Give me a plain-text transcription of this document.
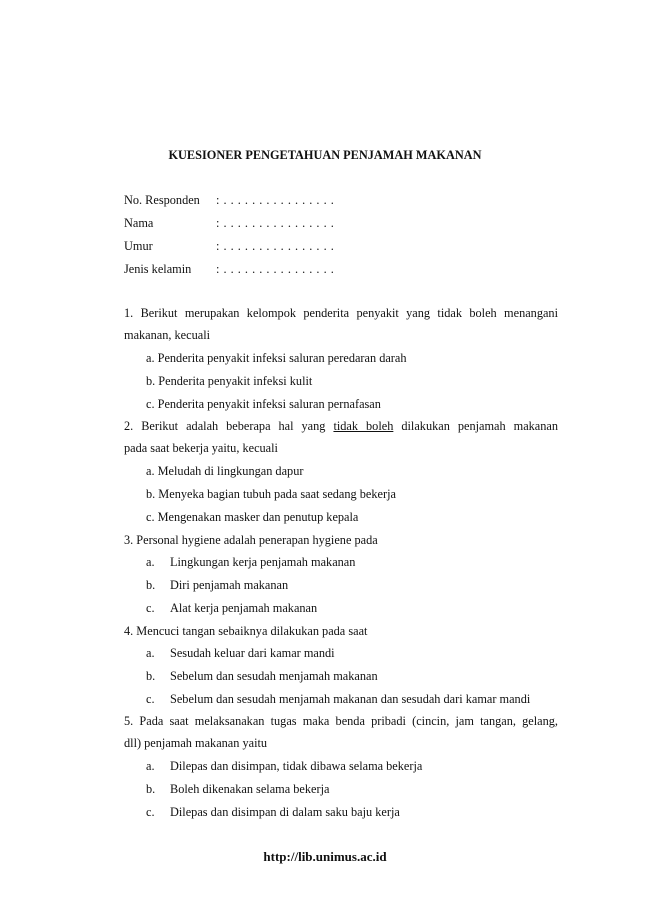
KUESIONER PENGETAHUAN PENJAMAH MAKANAN
No. Responden : . . . . . . . . . . . . . . . .
Nama	: . . . . . . . . . . . . . . . .
Umur	: . . . . . . . . . . . . . . . .
Jenis kelamin : . . . . . . . . . . . . . . . .
1. Berikut merupakan kelompok penderita penyakit yang tidak boleh menangani
makanan, kecuali
a. Penderita penyakit infeksi saluran peredaran darah
b. Penderita penyakit infeksi kulit
c. Penderita penyakit infeksi saluran pernafasan
2. Berikut adalah beberapa hal yang tidak boleh dilakukan penjamah makanan
pada saat bekerja yaitu, kecuali
a. Meludah di lingkungan dapur
b. Menyeka bagian tubuh pada saat sedang bekerja
c. Mengenakan masker dan penutup kepala
3. Personal hygiene adalah penerapan hygiene pada
a. Lingkungan kerja penjamah makanan
b. Diri penjamah makanan
c. Alat kerja penjamah makanan
4. Mencuci tangan sebaiknya dilakukan pada saat
a. Sesudah keluar dari kamar mandi
b. Sebelum dan sesudah menjamah makanan
c. Sebelum dan sesudah menjamah makanan dan sesudah dari kamar mandi
5. Pada saat melaksanakan tugas maka benda pribadi (cincin, jam tangan, gelang,
dll) penjamah makanan yaitu
a. Dilepas dan disimpan, tidak dibawa selama bekerja
b. Boleh dikenakan selama bekerja
c. Dilepas dan disimpan di dalam saku baju kerja
http://lib.unimus.ac.id
